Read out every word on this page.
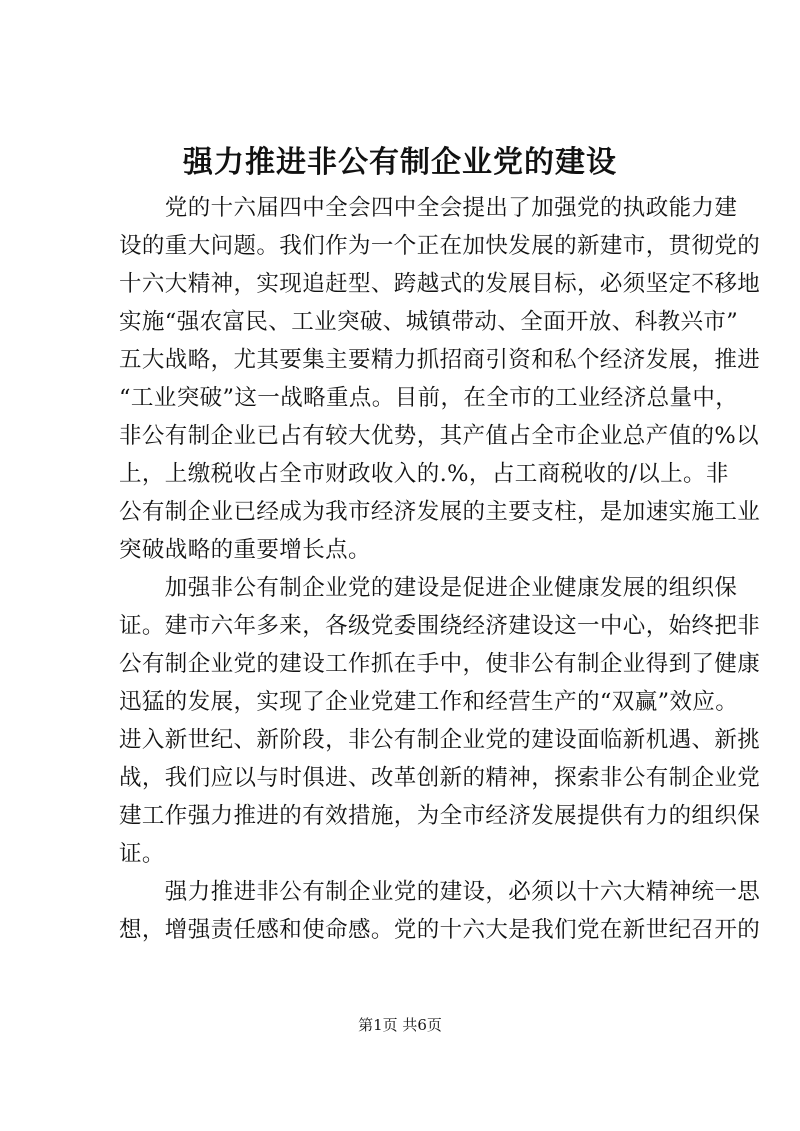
强力推进非公有制企业党的建设
　　党的十六届四中全会四中全会提出了加强党的执政能力建
设的重大问题。我们作为一个正在加快发展的新建市，贯彻党的
十六大精神，实现追赶型、跨越式的发展目标，必须坚定不移地
实施“强农富民、工业突破、城镇带动、全面开放、科教兴市”
五大战略，尤其要集主要精力抓招商引资和私个经济发展，推进
“工业突破”这一战略重点。目前，在全市的工业经济总量中，
非公有制企业已占有较大优势，其产值占全市企业总产值的%以
上，上缴税收占全市财政收入的.%，占工商税收的/以上。非
公有制企业已经成为我市经济发展的主要支柱，是加速实施工业
突破战略的重要增长点。
　　加强非公有制企业党的建设是促进企业健康发展的组织保
证。建市六年多来，各级党委围绕经济建设这一中心，始终把非
公有制企业党的建设工作抓在手中，使非公有制企业得到了健康
迅猛的发展，实现了企业党建工作和经营生产的“双赢”效应。
进入新世纪、新阶段，非公有制企业党的建设面临新机遇、新挑
战，我们应以与时俱进、改革创新的精神，探索非公有制企业党
建工作强力推进的有效措施，为全市经济发展提供有力的组织保
证。
　　强力推进非公有制企业党的建设，必须以十六大精神统一思
想，增强责任感和使命感。党的十六大是我们党在新世纪召开的
第1页 共6页
